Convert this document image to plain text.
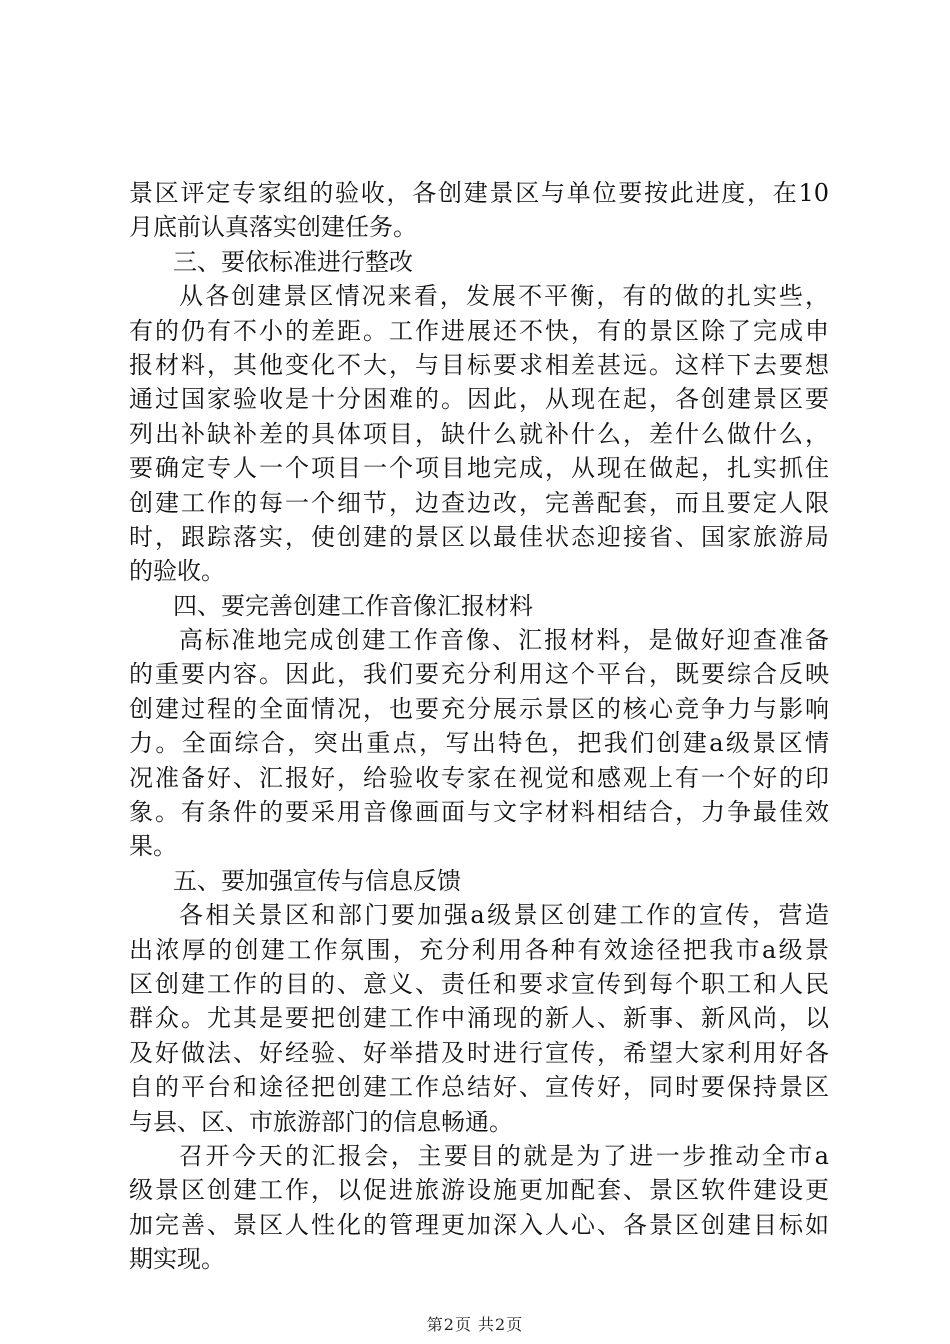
景区评定专家组的验收，各创建景区与单位要按此进度，在10
月底前认真落实创建任务。
三、要依标准进行整改
从各创建景区情况来看，发展不平衡，有的做的扎实些，
有的仍有不小的差距。工作进展还不快，有的景区除了完成申
报材料，其他变化不大，与目标要求相差甚远。这样下去要想
通过国家验收是十分困难的。因此，从现在起，各创建景区要
列出补缺补差的具体项目，缺什么就补什么，差什么做什么，
要确定专人一个项目一个项目地完成，从现在做起，扎实抓住
创建工作的每一个细节，边查边改，完善配套，而且要定人限
时，跟踪落实，使创建的景区以最佳状态迎接省、国家旅游局
的验收。
四、要完善创建工作音像汇报材料
高标准地完成创建工作音像、汇报材料，是做好迎查准备
的重要内容。因此，我们要充分利用这个平台，既要综合反映
创建过程的全面情况，也要充分展示景区的核心竞争力与影响
力。全面综合，突出重点，写出特色，把我们创建a级景区情
况准备好、汇报好，给验收专家在视觉和感观上有一个好的印
象。有条件的要采用音像画面与文字材料相结合，力争最佳效
果。
五、要加强宣传与信息反馈
各相关景区和部门要加强a级景区创建工作的宣传，营造
出浓厚的创建工作氛围，充分利用各种有效途径把我市a级景
区创建工作的目的、意义、责任和要求宣传到每个职工和人民
群众。尤其是要把创建工作中涌现的新人、新事、新风尚，以
及好做法、好经验、好举措及时进行宣传，希望大家利用好各
自的平台和途径把创建工作总结好、宣传好，同时要保持景区
与县、区、市旅游部门的信息畅通。
召开今天的汇报会，主要目的就是为了进一步推动全市a
级景区创建工作，以促进旅游设施更加配套、景区软件建设更
加完善、景区人性化的管理更加深入人心、各景区创建目标如
期实现。
第2页 共2页
